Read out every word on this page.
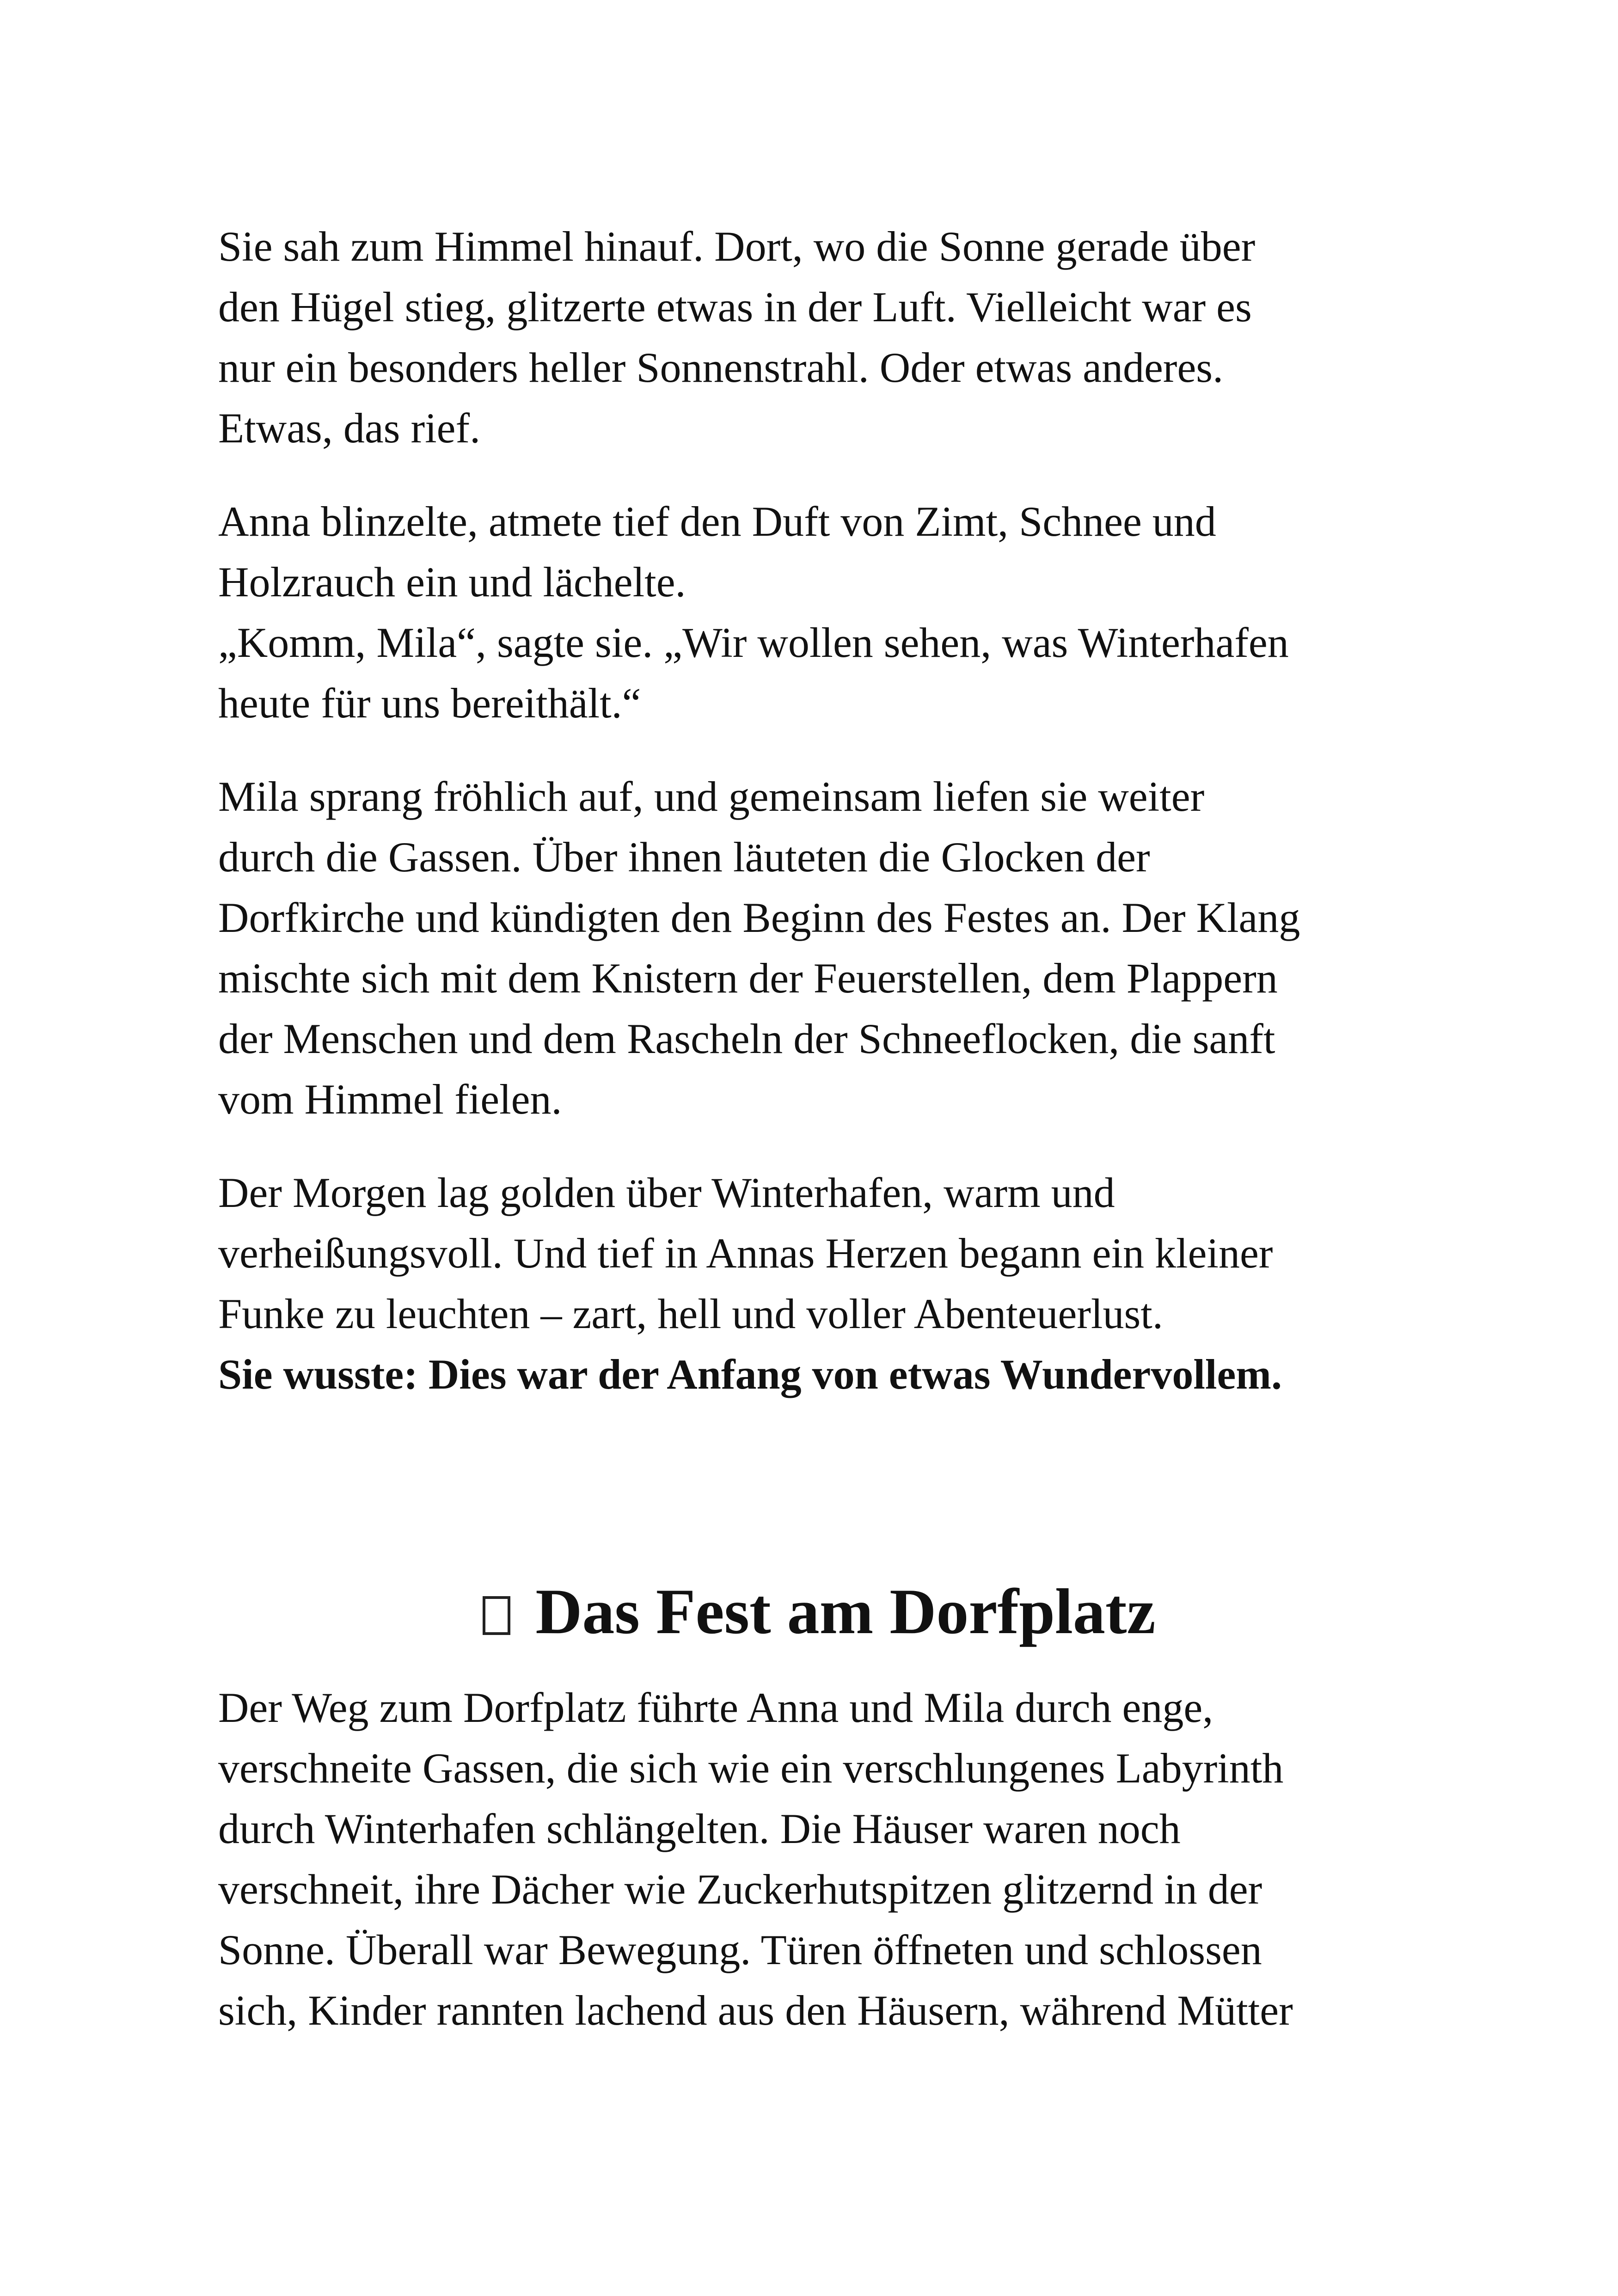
Sie sah zum Himmel hinauf. Dort, wo die Sonne gerade über
den Hügel stieg, glitzerte etwas in der Luft. Vielleicht war es
nur ein besonders heller Sonnenstrahl. Oder etwas anderes.
Etwas, das rief.

Anna blinzelte, atmete tief den Duft von Zimt, Schnee und
Holzrauch ein und lächelte.
„Komm, Mila“, sagte sie. „Wir wollen sehen, was Winterhafen
heute für uns bereithält.“

Mila sprang fröhlich auf, und gemeinsam liefen sie weiter
durch die Gassen. Über ihnen läuteten die Glocken der
Dorfkirche und kündigten den Beginn des Festes an. Der Klang
mischte sich mit dem Knistern der Feuerstellen, dem Plappern
der Menschen und dem Rascheln der Schneeflocken, die sanft
vom Himmel fielen.

Der Morgen lag golden über Winterhafen, warm und
verheißungsvoll. Und tief in Annas Herzen begann ein kleiner
Funke zu leuchten – zart, hell und voller Abenteuerlust.
Sie wusste: Dies war der Anfang von etwas Wundervollem.

Das Fest am Dorfplatz

Der Weg zum Dorfplatz führte Anna und Mila durch enge,
verschneite Gassen, die sich wie ein verschlungenes Labyrinth
durch Winterhafen schlängelten. Die Häuser waren noch
verschneit, ihre Dächer wie Zuckerhutspitzen glitzernd in der
Sonne. Überall war Bewegung. Türen öffneten und schlossen
sich, Kinder rannten lachend aus den Häusern, während Mütter
